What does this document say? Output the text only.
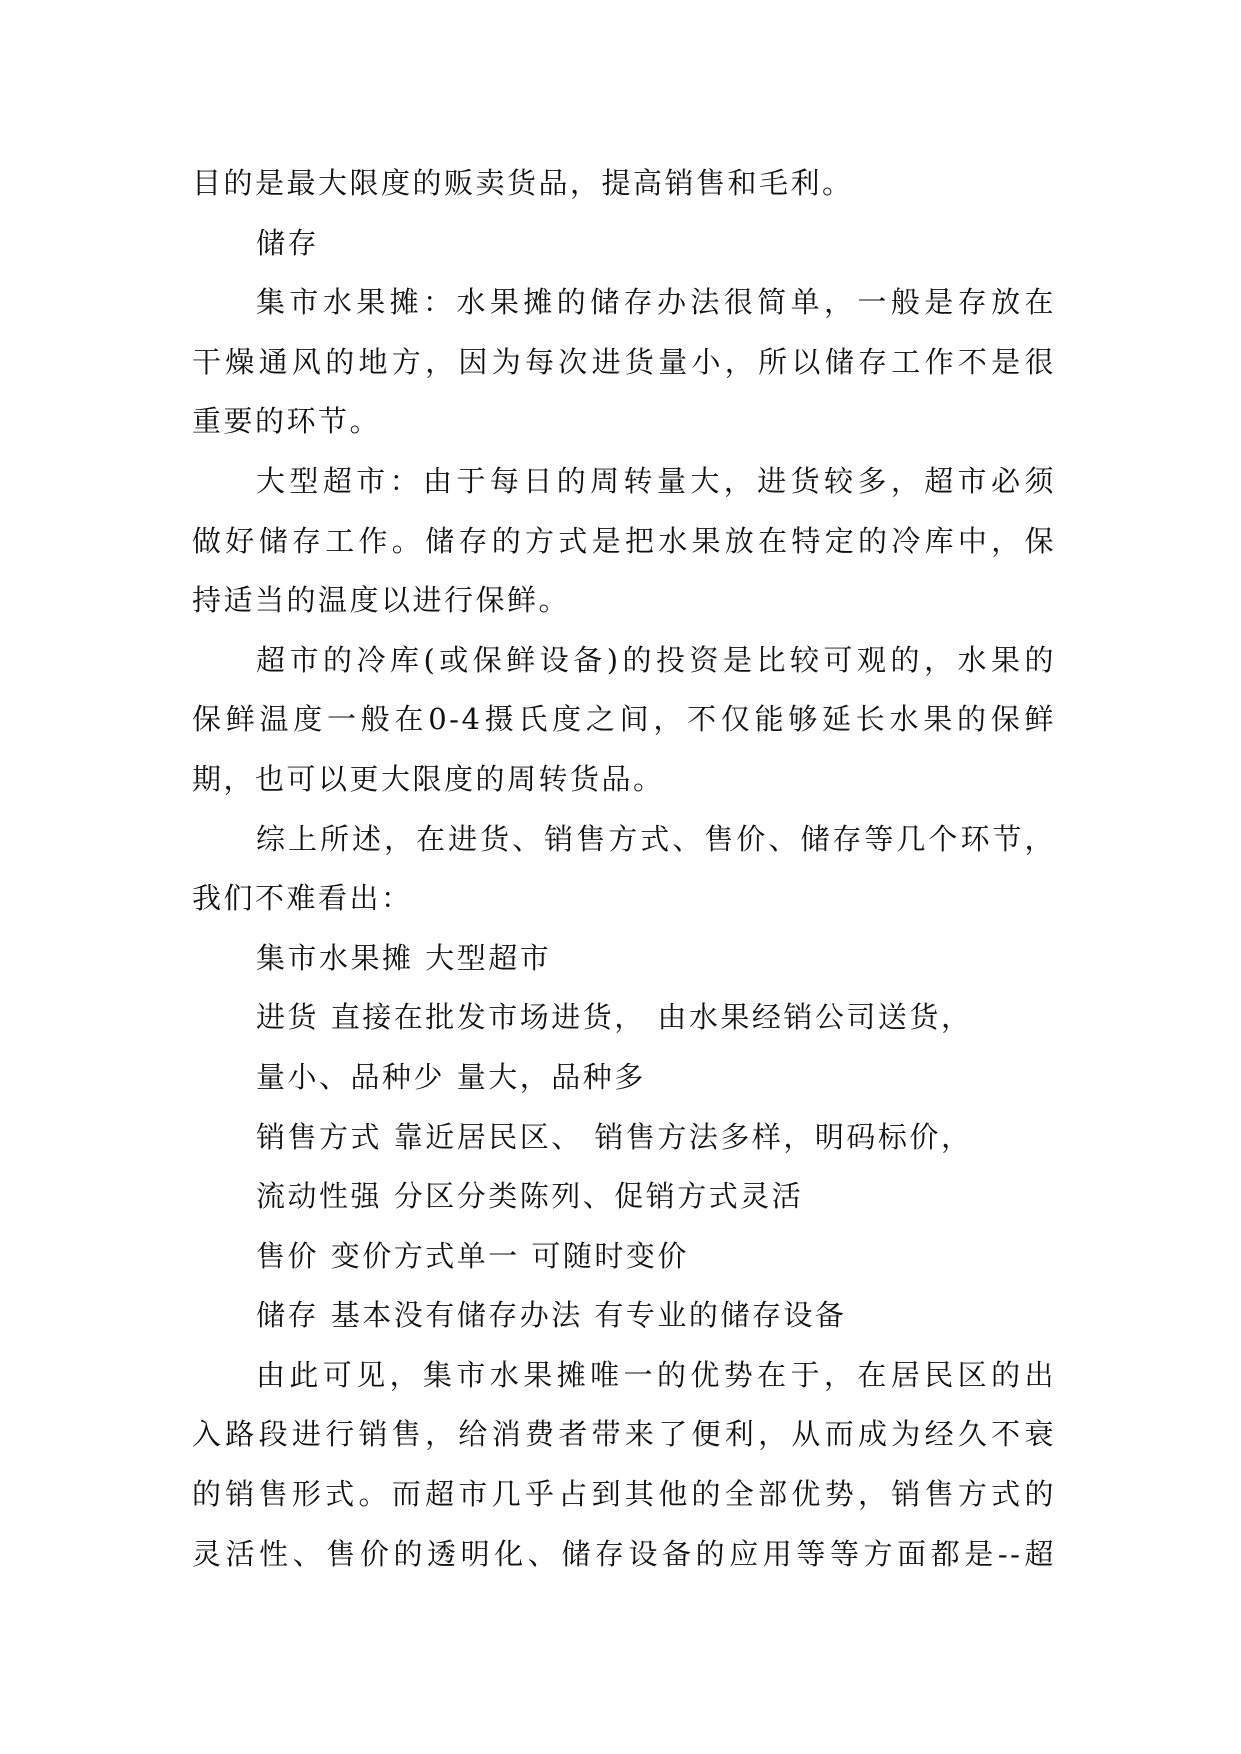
目的是最大限度的贩卖货品，提高销售和毛利。
储存
集市水果摊：水果摊的储存办法很简单，一般是存放在
干燥通风的地方，因为每次进货量小，所以储存工作不是很
重要的环节。
大型超市：由于每日的周转量大，进货较多，超市必须
做好储存工作。储存的方式是把水果放在特定的冷库中，保
持适当的温度以进行保鲜。
超市的冷库(或保鲜设备)的投资是比较可观的，水果的
保鲜温度一般在0-4摄氏度之间，不仅能够延长水果的保鲜
期，也可以更大限度的周转货品。
综上所述，在进货、销售方式、售价、储存等几个环节，
我们不难看出：
集市水果摊 大型超市
进货 直接在批发市场进货， 由水果经销公司送货，
量小、品种少 量大，品种多
销售方式 靠近居民区、 销售方法多样，明码标价，
流动性强 分区分类陈列、促销方式灵活
售价 变价方式单一 可随时变价
储存 基本没有储存办法 有专业的储存设备
由此可见，集市水果摊唯一的优势在于，在居民区的出
入路段进行销售，给消费者带来了便利，从而成为经久不衰
的销售形式。而超市几乎占到其他的全部优势，销售方式的
灵活性、售价的透明化、储存设备的应用等等方面都是--超
